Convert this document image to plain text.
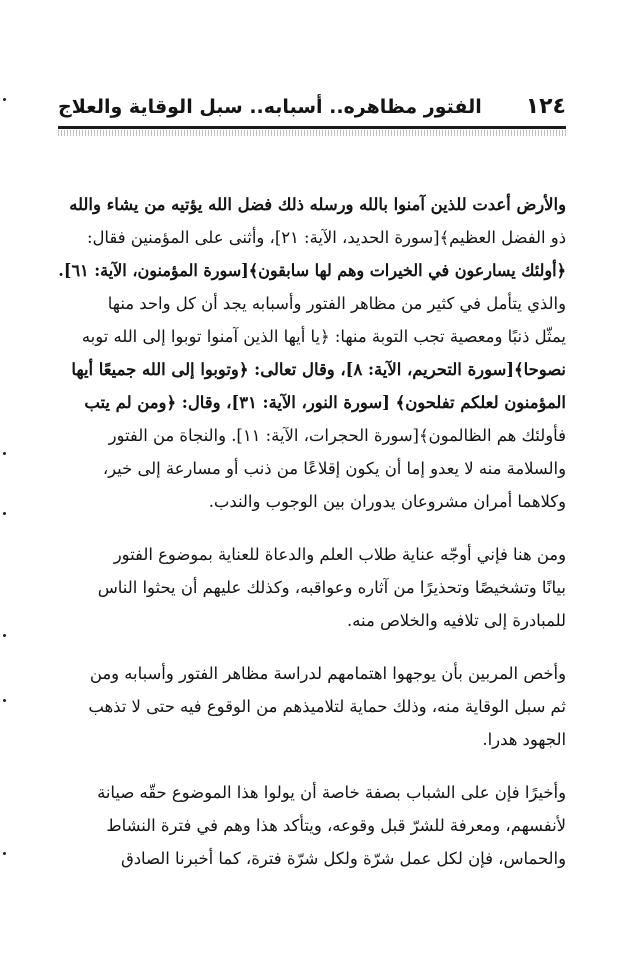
١٢٤
الفتور مظاهره.. أسبابه.. سبل الوقاية والعلاج
والأرض أعدت للذين آمنوا بالله ورسله ذلك فضل الله يؤتيه من يشاء والله
ذو الفضل العظيم﴾[سورة الحديد، الآية: ٢١]، وأثنى على المؤمنين فقال:
﴿أولئك يسارعون في الخيرات وهم لها سابقون﴾[سورة المؤمنون، الآية: ٦١].
والذي يتأمل في كثير من مظاهر الفتور وأسبابه يجد أن كل واحد منها
يمثّل ذنبًا ومعصية تجب التوبة منها: ﴿يا أيها الذين آمنوا توبوا إلى الله توبه
نصوحا﴾[سورة التحريم، الآية: ٨]، وقال تعالى: ﴿وتوبوا إلى الله جميعًا أيها
المؤمنون لعلكم تفلحون﴾ [سورة النور، الآية: ٣١]، وقال: ﴿ومن لم يتب
فأولئك هم الظالمون﴾[سورة الحجرات، الآية: ١١]. والنجاة من الفتور
والسلامة منه لا يعدو إما أن يكون إقلاعًا من ذنب أو مسارعة إلى خير،
وكلاهما أمران مشروعان يدوران بين الوجوب والندب.
ومن هنا فإني أوجّه عناية طلاب العلم والدعاة للعناية بموضوع الفتور
بيانًا وتشخيصًا وتحذيرًا من آثاره وعواقبه، وكذلك عليهم أن يحثوا الناس
للمبادرة إلى تلافيه والخلاص منه.
وأخص المربين بأن يوجهوا اهتمامهم لدراسة مظاهر الفتور وأسبابه ومن
ثم سبل الوقاية منه، وذلك حماية لتلاميذهم من الوقوع فيه حتى لا تذهب
الجهود هدرا.
وأخيرًا فإن على الشباب بصفة خاصة أن يولوا هذا الموضوع حقّه صيانة
لأنفسهم، ومعرفة للشرّ قبل وقوعه، ويتأكد هذا وهم في فترة النشاط
والحماس، فإن لكل عمل شرّة ولكل شرّة فترة، كما أخبرنا الصادق
